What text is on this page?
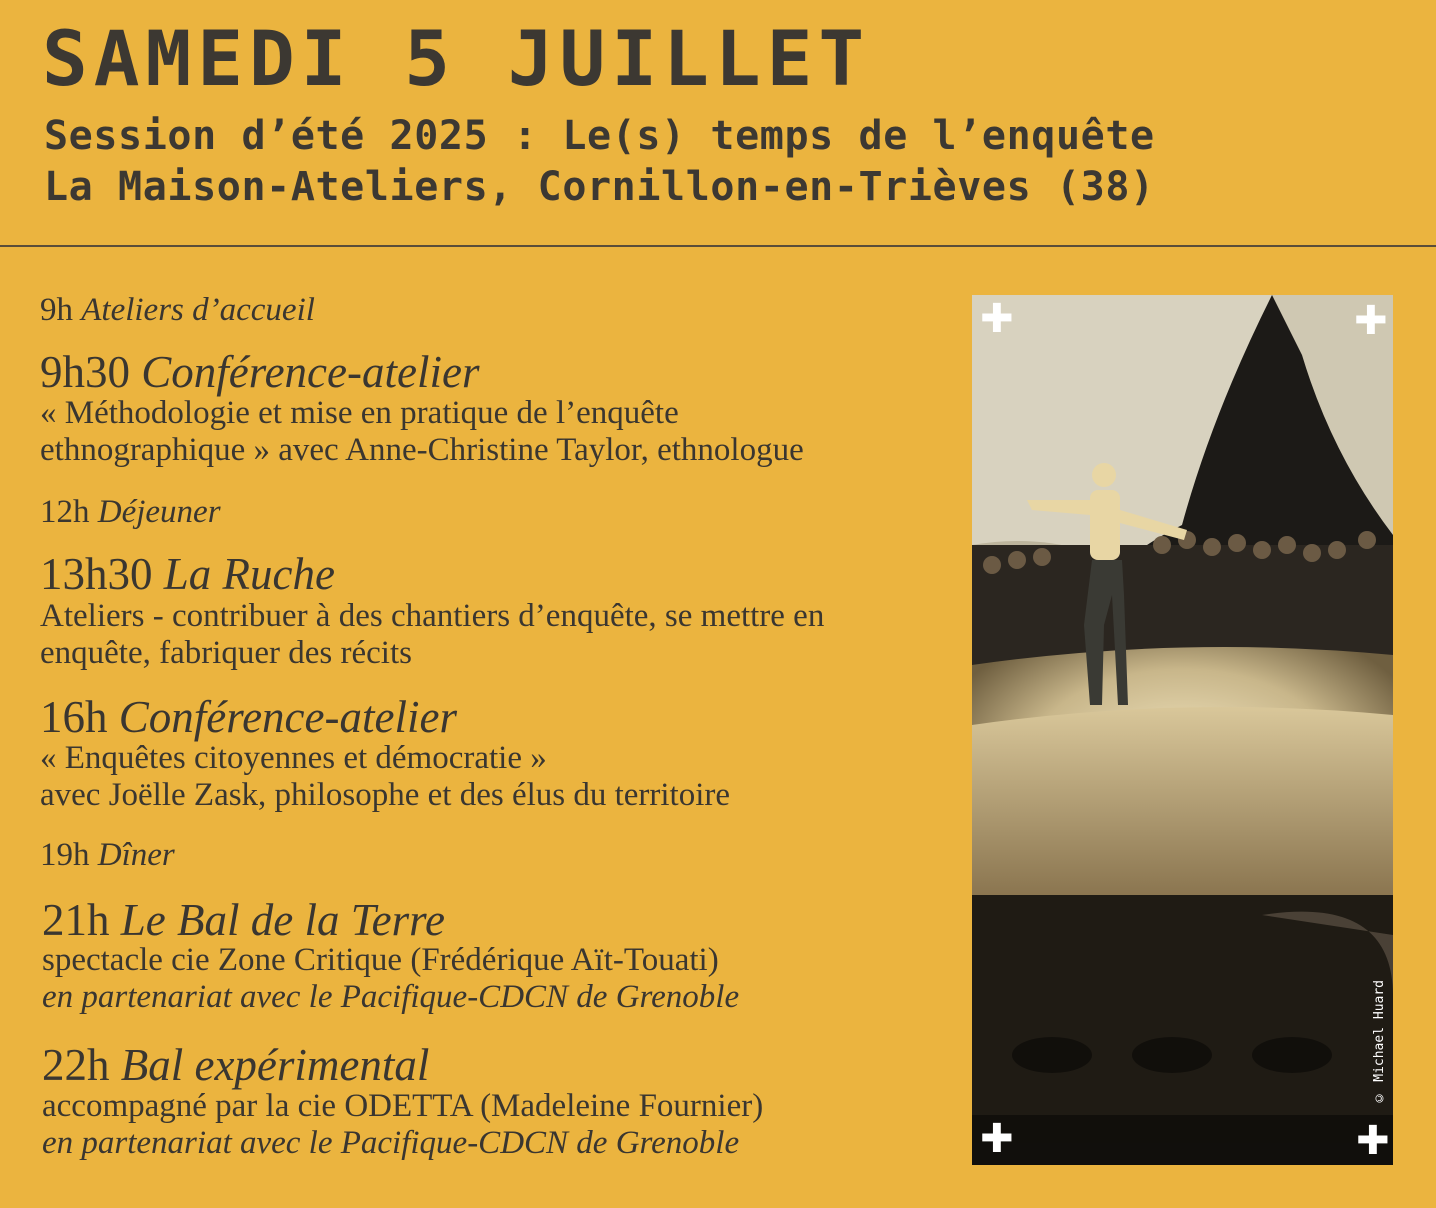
SAMEDI 5 JUILLET
Session d’été 2025 : Le(s) temps de l’enquête
La Maison-Ateliers, Cornillon-en-Trièves (38)
9h Ateliers d’accueil
9h30 Conférence-atelier
« Méthodologie et mise en pratique de l’enquête
ethnographique » avec Anne-Christine Taylor, ethnologue
12h Déjeuner
13h30 La Ruche
Ateliers - contribuer à des chantiers d’enquête, se mettre en
enquête, fabriquer des récits
16h Conférence-atelier
« Enquêtes citoyennes et démocratie »
avec Joëlle Zask, philosophe et des élus du territoire
19h Dîner
21h Le Bal de la Terre
spectacle cie Zone Critique (Frédérique Aït-Touati)
en partenariat avec le Pacifique-CDCN de Grenoble
22h Bal expérimental
accompagné par la cie ODETTA (Madeleine Fournier)
en partenariat avec le Pacifique-CDCN de Grenoble
✚	✚
✚	✚
© Michael Huard
